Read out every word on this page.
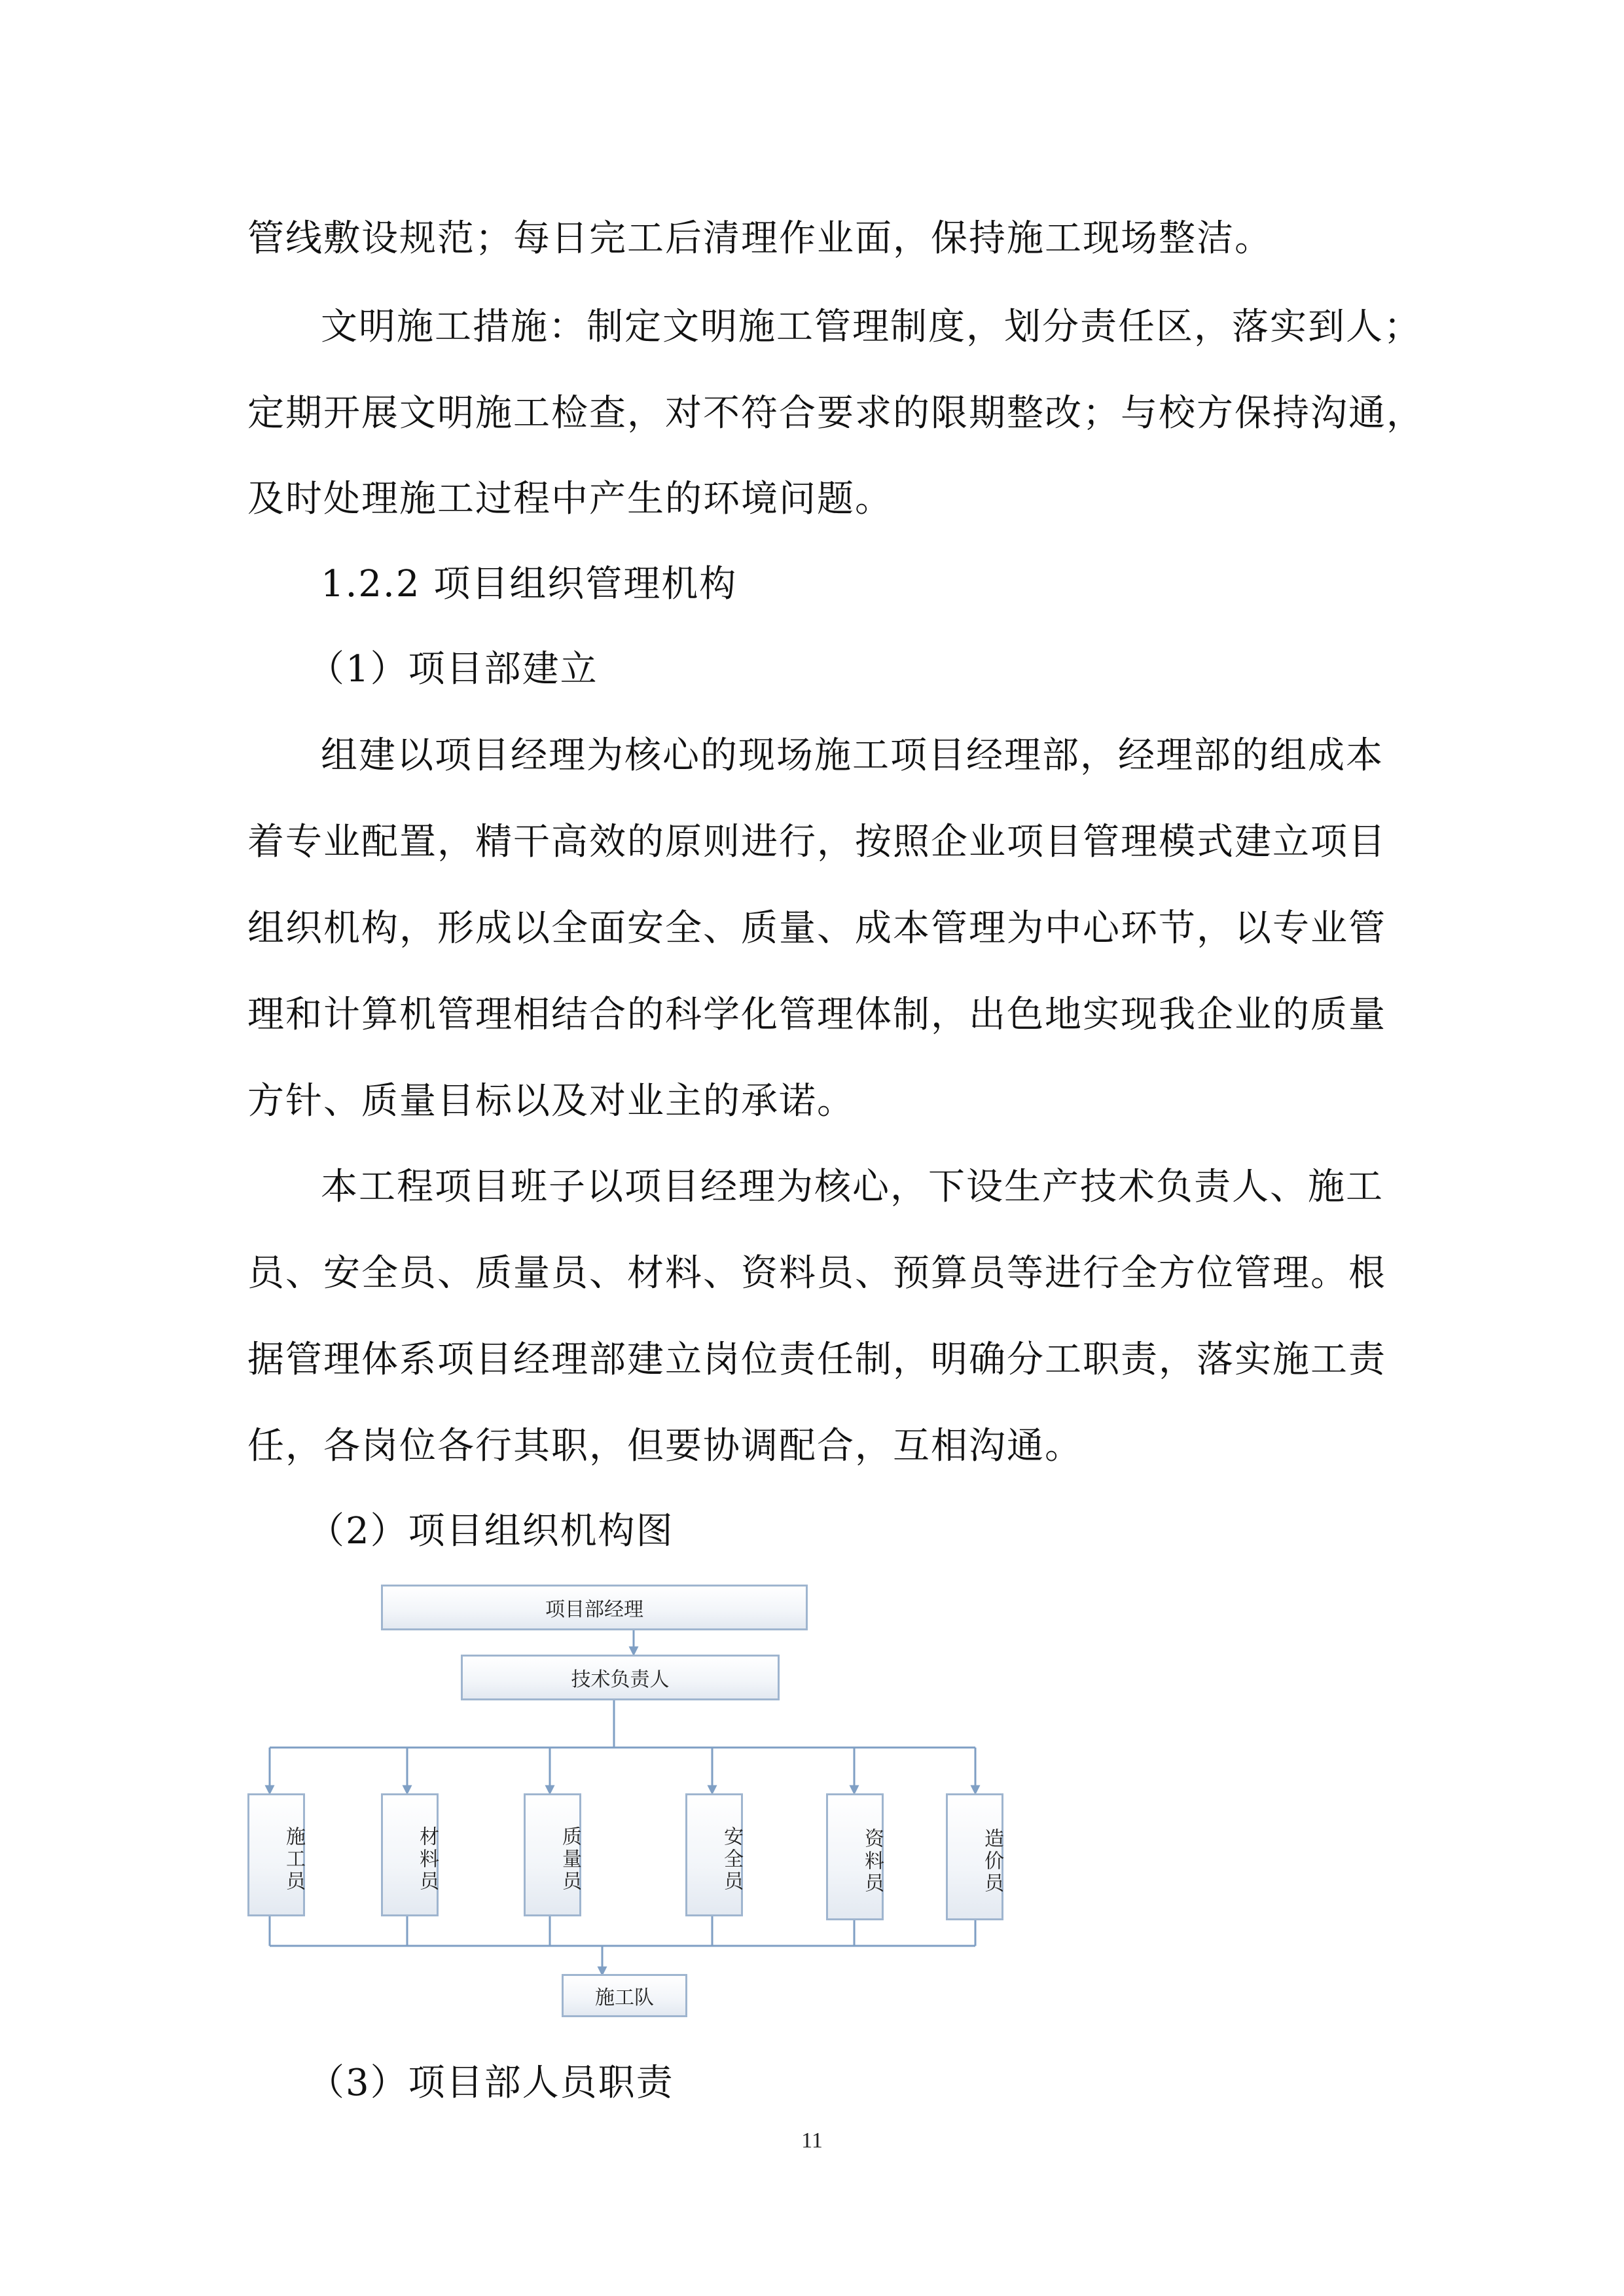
管线敷设规范；每日完工后清理作业面，保持施工现场整洁。
文明施工措施：制定文明施工管理制度，划分责任区，落实到人；
定期开展文明施工检查，对不符合要求的限期整改；与校方保持沟通，
及时处理施工过程中产生的环境问题。
1.2.2 项目组织管理机构
（1）项目部建立
组建以项目经理为核心的现场施工项目经理部，经理部的组成本
着专业配置，精干高效的原则进行，按照企业项目管理模式建立项目
组织机构，形成以全面安全、质量、成本管理为中心环节，以专业管
理和计算机管理相结合的科学化管理体制，出色地实现我企业的质量
方针、质量目标以及对业主的承诺。
本工程项目班子以项目经理为核心，下设生产技术负责人、施工
员、安全员、质量员、材料、资料员、预算员等进行全方位管理。根
据管理体系项目经理部建立岗位责任制，明确分工职责，落实施工责
任，各岗位各行其职，但要协调配合，互相沟通。
（2）项目组织机构图
项目部经理
技术负责人
施工员	材料员	质量员	安全员	资料员	造价员
施工队
（3）项目部人员职责
11
